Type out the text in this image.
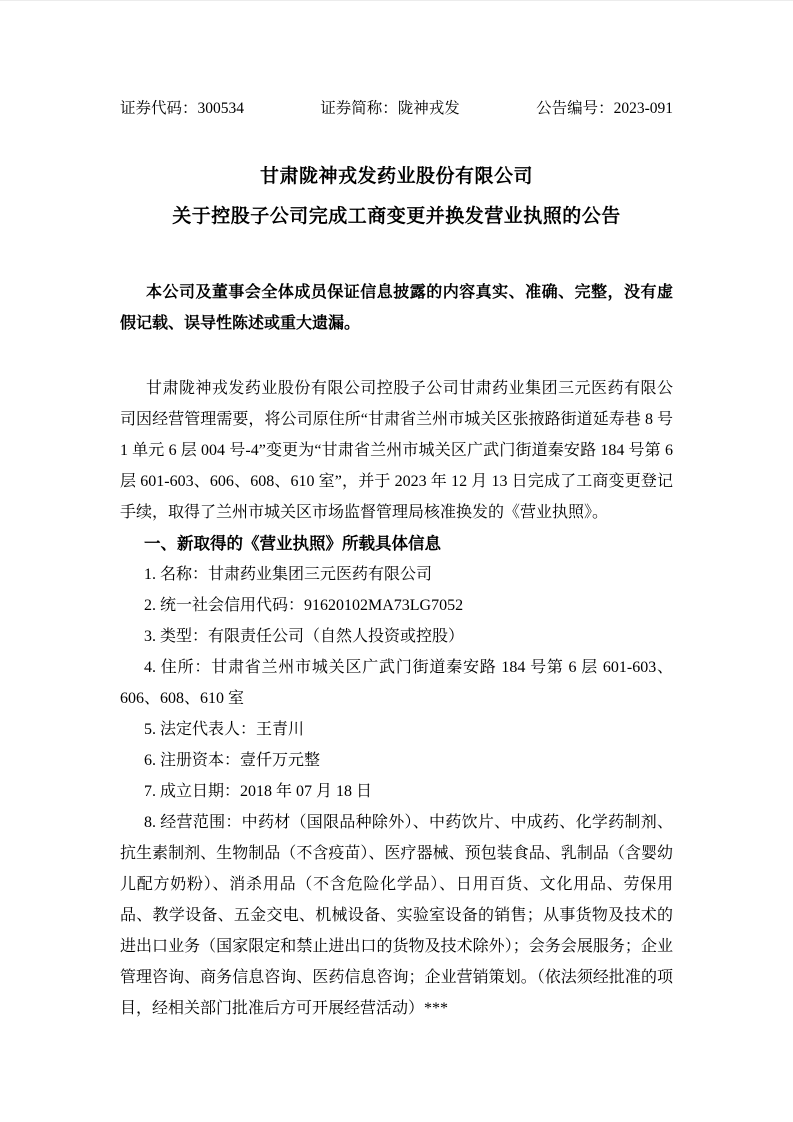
证券代码：300534	证券简称：陇神戎发	公告编号：2023-091
甘肃陇神戎发药业股份有限公司
关于控股子公司完成工商变更并换发营业执照的公告

本公司及董事会全体成员保证信息披露的内容真实、准确、完整，没有虚假记载、误导性陈述或重大遗漏。

甘肃陇神戎发药业股份有限公司控股子公司甘肃药业集团三元医药有限公司因经营管理需要，将公司原住所“甘肃省兰州市城关区张掖路街道延寿巷 8 号 1 单元 6 层 004 号-4”变更为“甘肃省兰州市城关区广武门街道秦安路 184 号第 6 层 601-603、606、608、610 室”，并于 2023 年 12 月 13 日完成了工商变更登记手续，取得了兰州市城关区市场监督管理局核准换发的《营业执照》。

一、新取得的《营业执照》所载具体信息

1. 名称：甘肃药业集团三元医药有限公司

2. 统一社会信用代码：91620102MA73LG7052

3. 类型：有限责任公司（自然人投资或控股）

4. 住所：甘肃省兰州市城关区广武门街道秦安路 184 号第 6 层 601-603、606、608、610 室

5. 法定代表人：王青川

6. 注册资本：壹仟万元整

7. 成立日期：2018 年 07 月 18 日

8. 经营范围：中药材（国限品种除外）、中药饮片、中成药、化学药制剂、抗生素制剂、生物制品（不含疫苗）、医疗器械、预包装食品、乳制品（含婴幼儿配方奶粉）、消杀用品（不含危险化学品）、日用百货、文化用品、劳保用品、教学设备、五金交电、机械设备、实验室设备的销售；从事货物及技术的进出口业务（国家限定和禁止进出口的货物及技术除外）；会务会展服务；企业管理咨询、商务信息咨询、医药信息咨询；企业营销策划。（依法须经批准的项目，经相关部门批准后方可开展经营活动）***
